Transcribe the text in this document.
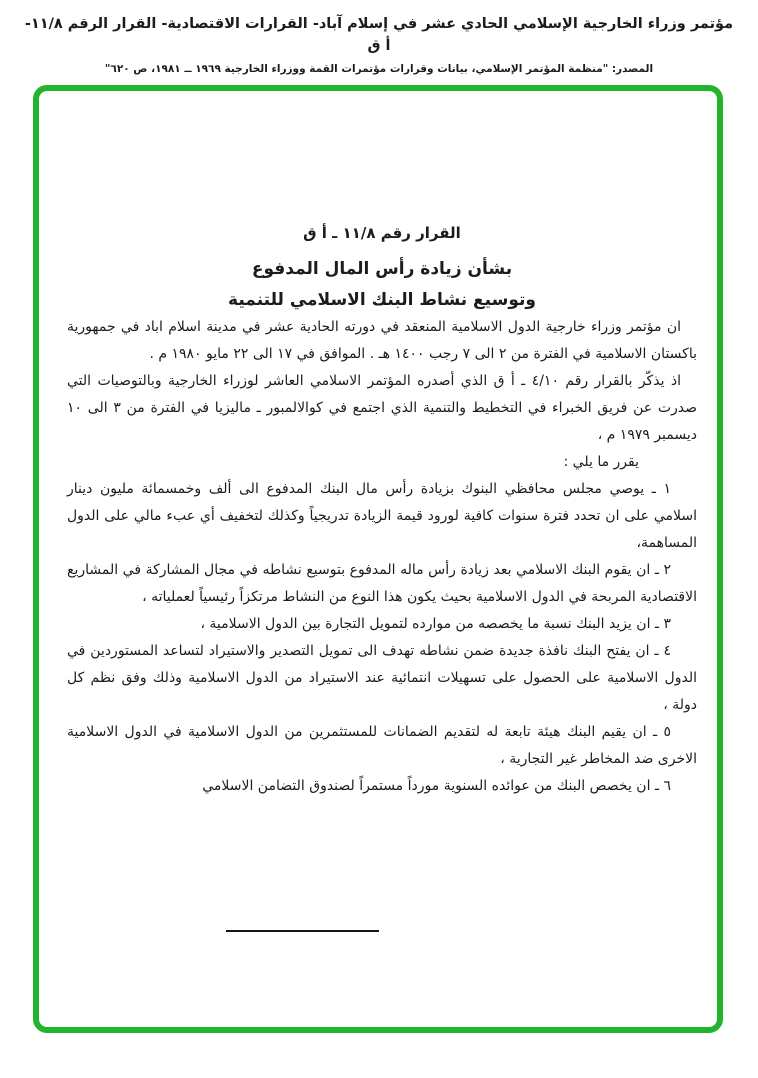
مؤتمر وزراء الخارجية الإسلامي الحادي عشر في إسلام آباد- القرارات الاقتصادية- القرار الرقم ١١/٨- أ ق
المصدر: "منظمة المؤتمر الإسلامي، بيانات وقرارات مؤتمرات القمة ووزراء الخارجية ١٩٦٩ ــ ١٩٨١، ص ٦٢٠"
القرار رقم ١١/٨ ـ أ ق
بشأن زيادة رأس المال المدفوع
وتوسيع نشاط البنك الاسلامي للتنمية

ان مؤتمر وزراء خارجية الدول الاسلامية المنعقد في دورته الحادية عشر في مدينة اسلام اباد في جمهورية باكستان الاسلامية في الفترة من ٢ الى ٧ رجب ١٤٠٠ هـ . الموافق في ١٧ الى ٢٢ مايو ١٩٨٠ م .

اذ يذكّر بالقرار رقم ٤/١٠ ـ أ ق الذي أصدره المؤتمر الاسلامي العاشر لوزراء الخارجية وبالتوصيات التي صدرت عن فريق الخبراء في التخطيط والتنمية الذي اجتمع في كوالالمبور ـ ماليزيا في الفترة من ٣ الى ١٠ ديسمبر ١٩٧٩ م ،

يقرر ما يلي :

١ ـ يوصي مجلس محافظي البنوك بزيادة رأس مال البنك المدفوع الى ألف وخمسمائة مليون دينار اسلامي على ان تحدد فترة سنوات كافية لورود قيمة الزيادة تدريجياً وكذلك لتخفيف أي عبء مالي على الدول المساهمة،

٢ ـ ان يقوم البنك الاسلامي بعد زيادة رأس ماله المدفوع بتوسيع نشاطه في مجال المشاركة في المشاريع الاقتصادية المربحة في الدول الاسلامية بحيث يكون هذا النوع من النشاط مرتكزاً رئيسياً لعملياته ،

٣ ـ ان يزيد البنك نسبة ما يخصصه من موارده لتمويل التجارة بين الدول الاسلامية ،

٤ ـ ان يفتح البنك نافذة جديدة ضمن نشاطه تهدف الى تمويل التصدير والاستيراد لتساعد المستوردين في الدول الاسلامية على الحصول على تسهيلات انتمائية عند الاستيراد من الدول الاسلامية وذلك وفق نظم كل دولة ،

٥ ـ ان يقيم البنك هيئة تابعة له لتقديم الضمانات للمستثمرين من الدول الاسلامية في الدول الاسلامية الاخرى ضد المخاطر غير التجارية ،

٦ ـ ان يخصص البنك من عوائده السنوية مورداً مستمراً لصندوق التضامن الاسلامي
